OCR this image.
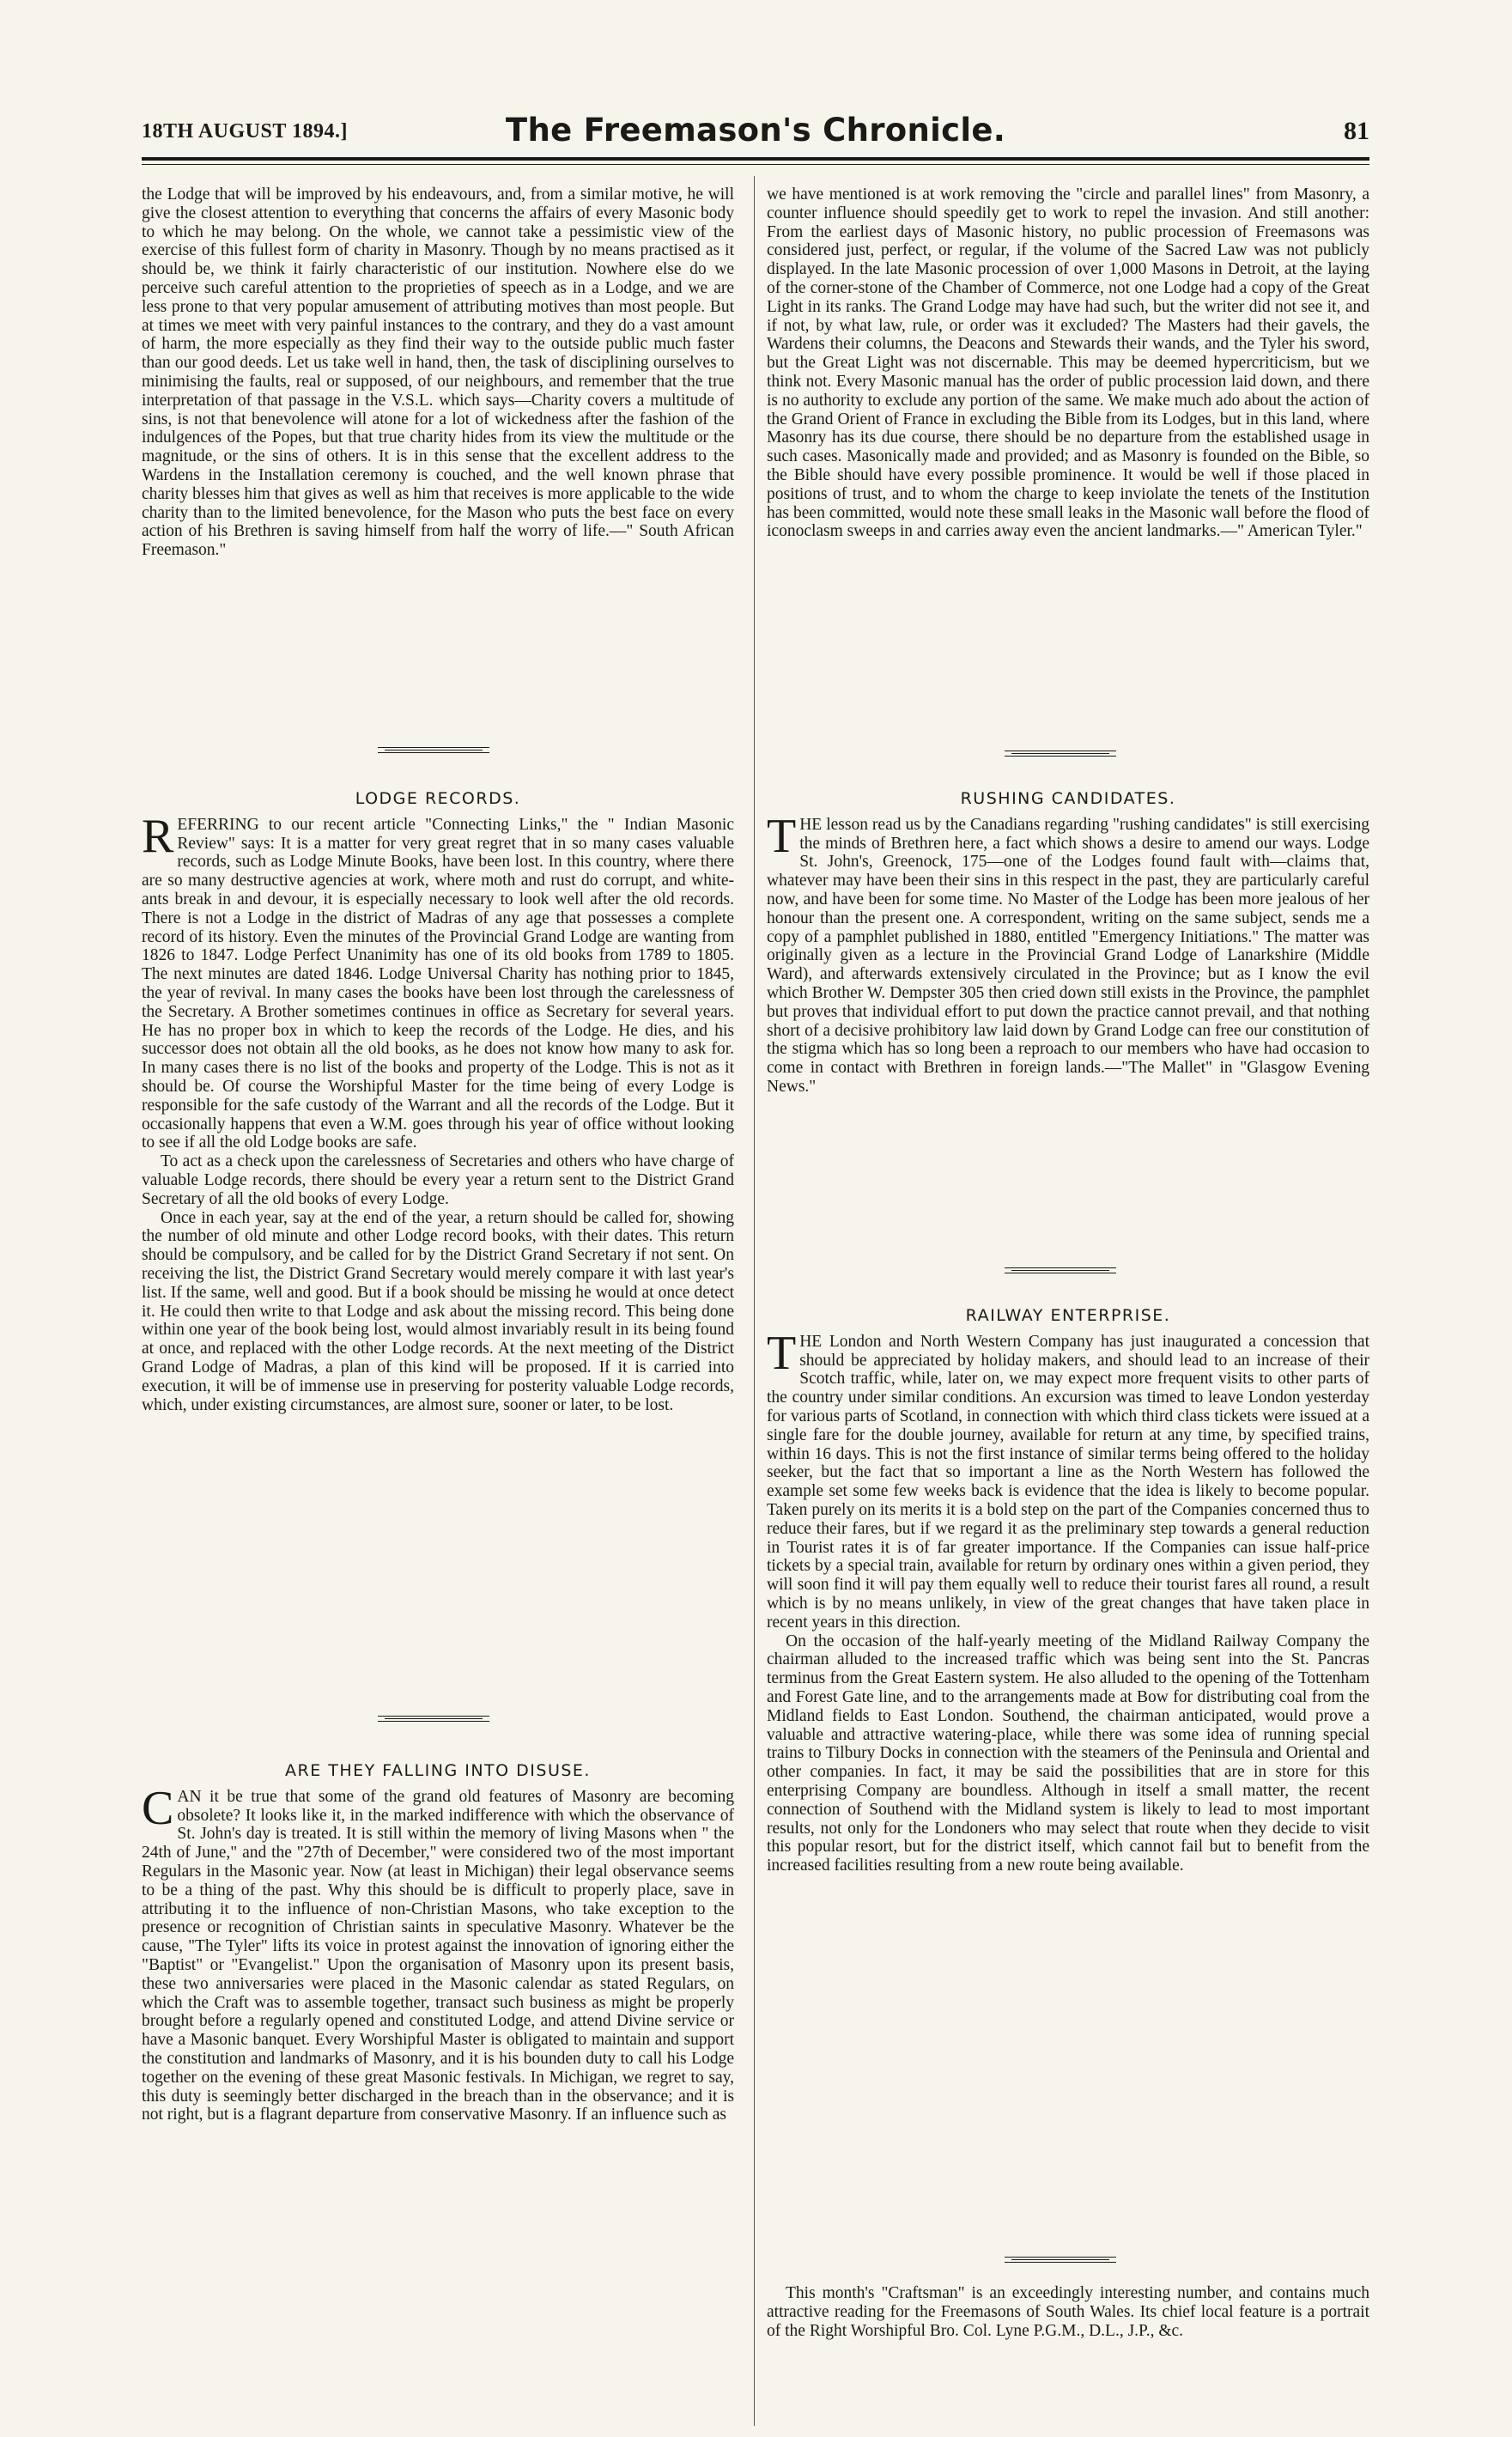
18TH AUGUST 1894.]	The Freemason's Chronicle.	81

the Lodge that will be improved by his endeavours, and, from a similar motive, he will give the closest attention to everything that concerns the affairs of every Masonic body to which he may belong. On the whole, we cannot take a pessimistic view of the exercise of this fullest form of charity in Masonry. Though by no means practised as it should be, we think it fairly characteristic of our institution. Nowhere else do we perceive such careful attention to the proprieties of speech as in a Lodge, and we are less prone to that very popular amusement of attributing motives than most people. But at times we meet with very painful instances to the contrary, and they do a vast amount of harm, the more especially as they find their way to the outside public much faster than our good deeds. Let us take well in hand, then, the task of disciplining ourselves to minimising the faults, real or supposed, of our neighbours, and remember that the true interpretation of that passage in the V.S.L. which says—Charity covers a multitude of sins, is not that benevolence will atone for a lot of wickedness after the fashion of the indulgences of the Popes, but that true charity hides from its view the multitude or the magnitude, or the sins of others. It is in this sense that the excellent address to the Wardens in the Installation ceremony is couched, and the well known phrase that charity blesses him that gives as well as him that receives is more applicable to the wide charity than to the limited benevolence, for the Mason who puts the best face on every action of his Brethren is saving himself from half the worry of life.—" South African Freemason."

LODGE RECORDS.

REFERRING to our recent article "Connecting Links," the " Indian Masonic Review" says: It is a matter for very great regret that in so many cases valuable records, such as Lodge Minute Books, have been lost. In this country, where there are so many destructive agencies at work, where moth and rust do corrupt, and white-ants break in and devour, it is especially necessary to look well after the old records. There is not a Lodge in the district of Madras of any age that possesses a complete record of its history. Even the minutes of the Provincial Grand Lodge are wanting from 1826 to 1847. Lodge Perfect Unanimity has one of its old books from 1789 to 1805. The next minutes are dated 1846. Lodge Universal Charity has nothing prior to 1845, the year of revival. In many cases the books have been lost through the carelessness of the Secretary. A Brother sometimes continues in office as Secretary for several years. He has no proper box in which to keep the records of the Lodge. He dies, and his successor does not obtain all the old books, as he does not know how many to ask for. In many cases there is no list of the books and property of the Lodge. This is not as it should be. Of course the Worshipful Master for the time being of every Lodge is responsible for the safe custody of the Warrant and all the records of the Lodge. But it occasionally happens that even a W.M. goes through his year of office without looking to see if all the old Lodge books are safe.

To act as a check upon the carelessness of Secretaries and others who have charge of valuable Lodge records, there should be every year a return sent to the District Grand Secretary of all the old books of every Lodge.

Once in each year, say at the end of the year, a return should be called for, showing the number of old minute and other Lodge record books, with their dates. This return should be compulsory, and be called for by the District Grand Secretary if not sent. On receiving the list, the District Grand Secretary would merely compare it with last year's list. If the same, well and good. But if a book should be missing he would at once detect it. He could then write to that Lodge and ask about the missing record. This being done within one year of the book being lost, would almost invariably result in its being found at once, and replaced with the other Lodge records. At the next meeting of the District Grand Lodge of Madras, a plan of this kind will be proposed. If it is carried into execution, it will be of immense use in preserving for posterity valuable Lodge records, which, under existing circumstances, are almost sure, sooner or later, to be lost.

ARE THEY FALLING INTO DISUSE.

CAN it be true that some of the grand old features of Masonry are becoming obsolete? It looks like it, in the marked indifference with which the observance of St. John's day is treated. It is still within the memory of living Masons when " the 24th of June," and the "27th of December," were considered two of the most important Regulars in the Masonic year. Now (at least in Michigan) their legal observance seems to be a thing of the past. Why this should be is difficult to properly place, save in attributing it to the influence of non-Christian Masons, who take exception to the presence or recognition of Christian saints in speculative Masonry. Whatever be the cause, "The Tyler" lifts its voice in protest against the innovation of ignoring either the "Baptist" or "Evangelist." Upon the organisation of Masonry upon its present basis, these two anniversaries were placed in the Masonic calendar as stated Regulars, on which the Craft was to assemble together, transact such business as might be properly brought before a regularly opened and constituted Lodge, and attend Divine service or have a Masonic banquet. Every Worshipful Master is obligated to maintain and support the constitution and landmarks of Masonry, and it is his bounden duty to call his Lodge together on the evening of these great Masonic festivals. In Michigan, we regret to say, this duty is seemingly better discharged in the breach than in the observance; and it is not right, but is a flagrant departure from conservative Masonry. If an influence such as

we have mentioned is at work removing the "circle and parallel lines" from Masonry, a counter influence should speedily get to work to repel the invasion. And still another: From the earliest days of Masonic history, no public procession of Freemasons was considered just, perfect, or regular, if the volume of the Sacred Law was not publicly displayed. In the late Masonic procession of over 1,000 Masons in Detroit, at the laying of the corner-stone of the Chamber of Commerce, not one Lodge had a copy of the Great Light in its ranks. The Grand Lodge may have had such, but the writer did not see it, and if not, by what law, rule, or order was it excluded? The Masters had their gavels, the Wardens their columns, the Deacons and Stewards their wands, and the Tyler his sword, but the Great Light was not discernable. This may be deemed hypercriticism, but we think not. Every Masonic manual has the order of public procession laid down, and there is no authority to exclude any portion of the same. We make much ado about the action of the Grand Orient of France in excluding the Bible from its Lodges, but in this land, where Masonry has its due course, there should be no departure from the established usage in such cases. Masonically made and provided; and as Masonry is founded on the Bible, so the Bible should have every possible prominence. It would be well if those placed in positions of trust, and to whom the charge to keep inviolate the tenets of the Institution has been committed, would note these small leaks in the Masonic wall before the flood of iconoclasm sweeps in and carries away even the ancient landmarks.—" American Tyler."

RUSHING CANDIDATES.

THE lesson read us by the Canadians regarding "rushing candidates" is still exercising the minds of Brethren here, a fact which shows a desire to amend our ways. Lodge St. John's, Greenock, 175—one of the Lodges found fault with—claims that, whatever may have been their sins in this respect in the past, they are particularly careful now, and have been for some time. No Master of the Lodge has been more jealous of her honour than the present one. A correspondent, writing on the same subject, sends me a copy of a pamphlet published in 1880, entitled "Emergency Initiations." The matter was originally given as a lecture in the Provincial Grand Lodge of Lanarkshire (Middle Ward), and afterwards extensively circulated in the Province; but as I know the evil which Brother W. Dempster 305 then cried down still exists in the Province, the pamphlet but proves that individual effort to put down the practice cannot prevail, and that nothing short of a decisive prohibitory law laid down by Grand Lodge can free our constitution of the stigma which has so long been a reproach to our members who have had occasion to come in contact with Brethren in foreign lands.—"The Mallet" in "Glasgow Evening News."

RAILWAY ENTERPRISE.

THE London and North Western Company has just inaugurated a concession that should be appreciated by holiday makers, and should lead to an increase of their Scotch traffic, while, later on, we may expect more frequent visits to other parts of the country under similar conditions. An excursion was timed to leave London yesterday for various parts of Scotland, in connection with which third class tickets were issued at a single fare for the double journey, available for return at any time, by specified trains, within 16 days. This is not the first instance of similar terms being offered to the holiday seeker, but the fact that so important a line as the North Western has followed the example set some few weeks back is evidence that the idea is likely to become popular. Taken purely on its merits it is a bold step on the part of the Companies concerned thus to reduce their fares, but if we regard it as the preliminary step towards a general reduction in Tourist rates it is of far greater importance. If the Companies can issue half-price tickets by a special train, available for return by ordinary ones within a given period, they will soon find it will pay them equally well to reduce their tourist fares all round, a result which is by no means unlikely, in view of the great changes that have taken place in recent years in this direction.

On the occasion of the half-yearly meeting of the Midland Railway Company the chairman alluded to the increased traffic which was being sent into the St. Pancras terminus from the Great Eastern system. He also alluded to the opening of the Tottenham and Forest Gate line, and to the arrangements made at Bow for distributing coal from the Midland fields to East London. Southend, the chairman anticipated, would prove a valuable and attractive watering-place, while there was some idea of running special trains to Tilbury Docks in connection with the steamers of the Peninsula and Oriental and other companies. In fact, it may be said the possibilities that are in store for this enterprising Company are boundless. Although in itself a small matter, the recent connection of Southend with the Midland system is likely to lead to most important results, not only for the Londoners who may select that route when they decide to visit this popular resort, but for the district itself, which cannot fail but to benefit from the increased facilities resulting from a new route being available.

This month's "Craftsman" is an exceedingly interesting number, and contains much attractive reading for the Freemasons of South Wales. Its chief local feature is a portrait of the Right Worshipful Bro. Col. Lyne P.G.M., D.L., J.P., &c.
